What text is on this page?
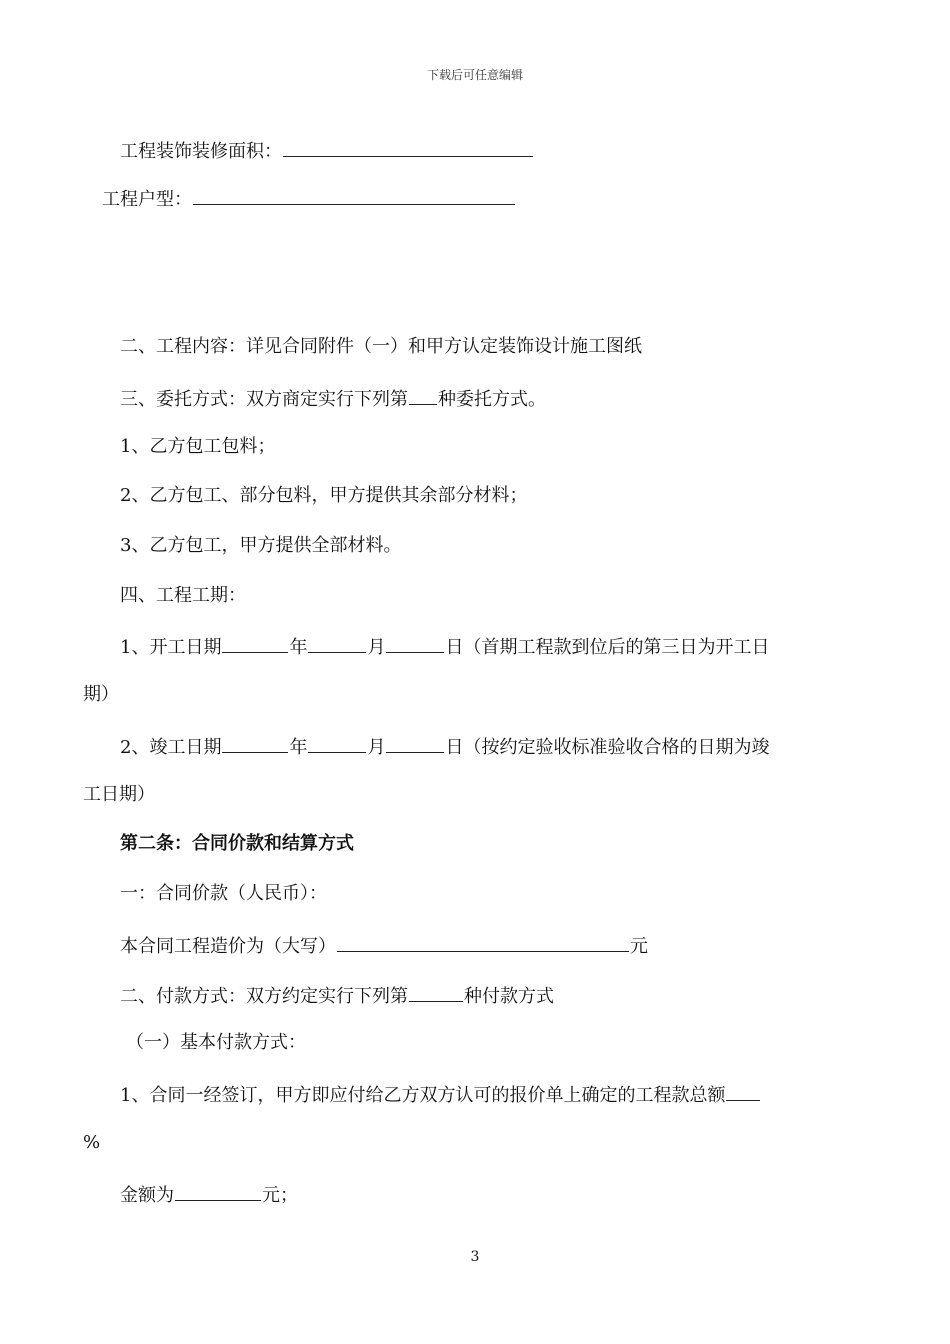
下载后可任意编辑
工程装饰装修面积：
工程户型：
二、工程内容：详见合同附件（一）和甲方认定装饰设计施工图纸
三、委托方式：双方商定实行下列第 种委托方式。
1、乙方包工包料；
2、乙方包工、部分包料，甲方提供其余部分材料；
3、乙方包工，甲方提供全部材料。
四、工程工期：
1、开工日期	年	月	日（首期工程款到位后的第三日为开工日
期）
2、竣工日期	年	月	日（按约定验收标准验收合格的日期为竣
工日期）
第二条：合同价款和结算方式
一：合同价款（人民币）：
本合同工程造价为（大写）	元
二、付款方式：双方约定实行下列第	种付款方式
（一）基本付款方式：
1、合同一经签订，甲方即应付给乙方双方认可的报价单上确定的工程款总额
%
金额为	元；
3
